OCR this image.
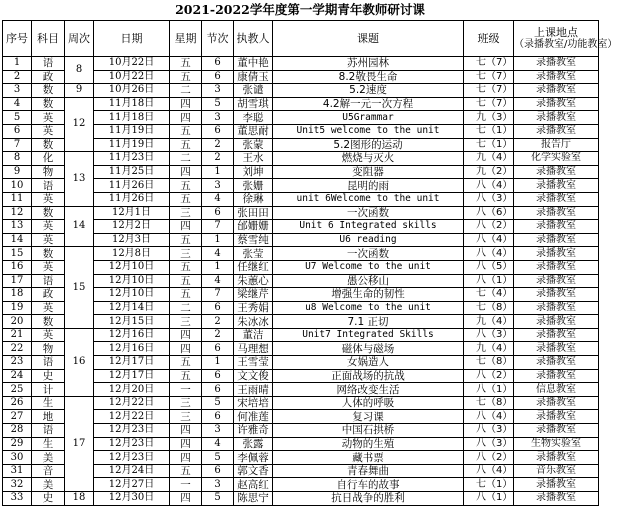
2021-2022学年度第一学期青年教师研讨课
序号	科目	周次	日期	星期	节次	执教人	课题	班级	上课地点
（录播教室/功能教室）

1	语	8	10月22日	五	6	董中艳	苏州园林	七（7）	录播教室
2	政		10月22日	五	6	康倩玉	8.2敬畏生命	七（7）	录播教室
3	数	9	10月26日	二	3	张谴	5.2速度	七（7）	录播教室
4	数	12	11月18日	四	5	胡雪琪	4.2解一元一次方程	七（7）	录播教室
5	英		11月18日	四	3	李聪	U5Grammar	九（3）	录播教室
6	英		11月19日	五	6	董思耐	Unit5 welcome to the unit	七（1）	录播教室
7	数		11月19日	五	2	张蒙	5.2图形的运动	七（1）	报告厅
8	化	13	11月23日	二	2	王水	燃烧与灭火	九（4）	化学实验室
9	物		11月25日	四	1	刘坤	变阻器	九（2）	录播教室
10	语		11月26日	五	3	张姗	昆明的雨	八（4）	录播教室
11	英		11月26日	五	4	徐琳	unit 6Welcome to the unit	八（3）	录播教室
12	数	14	12月1日	三	6	张田田	一次函数	八（6）	录播教室
13	英		12月2日	四	7	邰姗姗	Unit 6 Integrated skills	八（2）	录播教室
14	英		12月3日	五	1	蔡雪纯	U6 reading	八（4）	录播教室
15	数	15	12月8日	三	4	张莹	一次函数	八（4）	录播教室
16	英		12月10日	五	1	任继红	U7 Welcome to the unit	八（5）	录播教室
17	语		12月10日	五	4	朱蕙心	愚公移山	八（1）	录播教室
18	政		12月10日	五	7	梁继芹	增强生命的韧性	七（4）	录播教室
19	英		12月14日	二	6	王秀娟	u8 Welcome to the unit	七（8）	录播教室
20	数		12月15日	三	2	朱冰冰	7.1 正切	九（4）	录播教室
21	英	16	12月16日	四	2	董洁	Unit7 Integrated Skills	八（3）	录播教室
22	物		12月16日	四	6	马理想	磁体与磁场	九（4）	录播教室
23	语		12月17日	五	1	王雪莹	女娲造人	七（8）	录播教室
24	史		12月17日	五	6	文文俊	正面战场的抗战	八（2）	录播教室
25	计		12月20日	一	6	王雨晴	网络改变生活	八（1）	信息教室
26	生	17	12月22日	三	5	宋培培	人体的呼吸	七（8）	录播教室
27	地		12月22日	三	6	何准莲	复习课	八（4）	录播教室
28	语		12月23日	四	3	许雅奇	中国石拱桥	八（3）	录播教室
29	生		12月23日	四	4	张露	动物的生殖	八（3）	生物实验室
30	美		12月23日	四	5	李佩蓉	藏书票	八（2）	录播教室
31	音		12月24日	五	6	郭文香	青春舞曲	八（4）	音乐教室
32	美		12月27日	一	3	赵高红	自行车的故事	七（1）	录播教室
33	史	18	12月30日	四	5	陈思宁	抗日战争的胜利	八（1）	录播教室
